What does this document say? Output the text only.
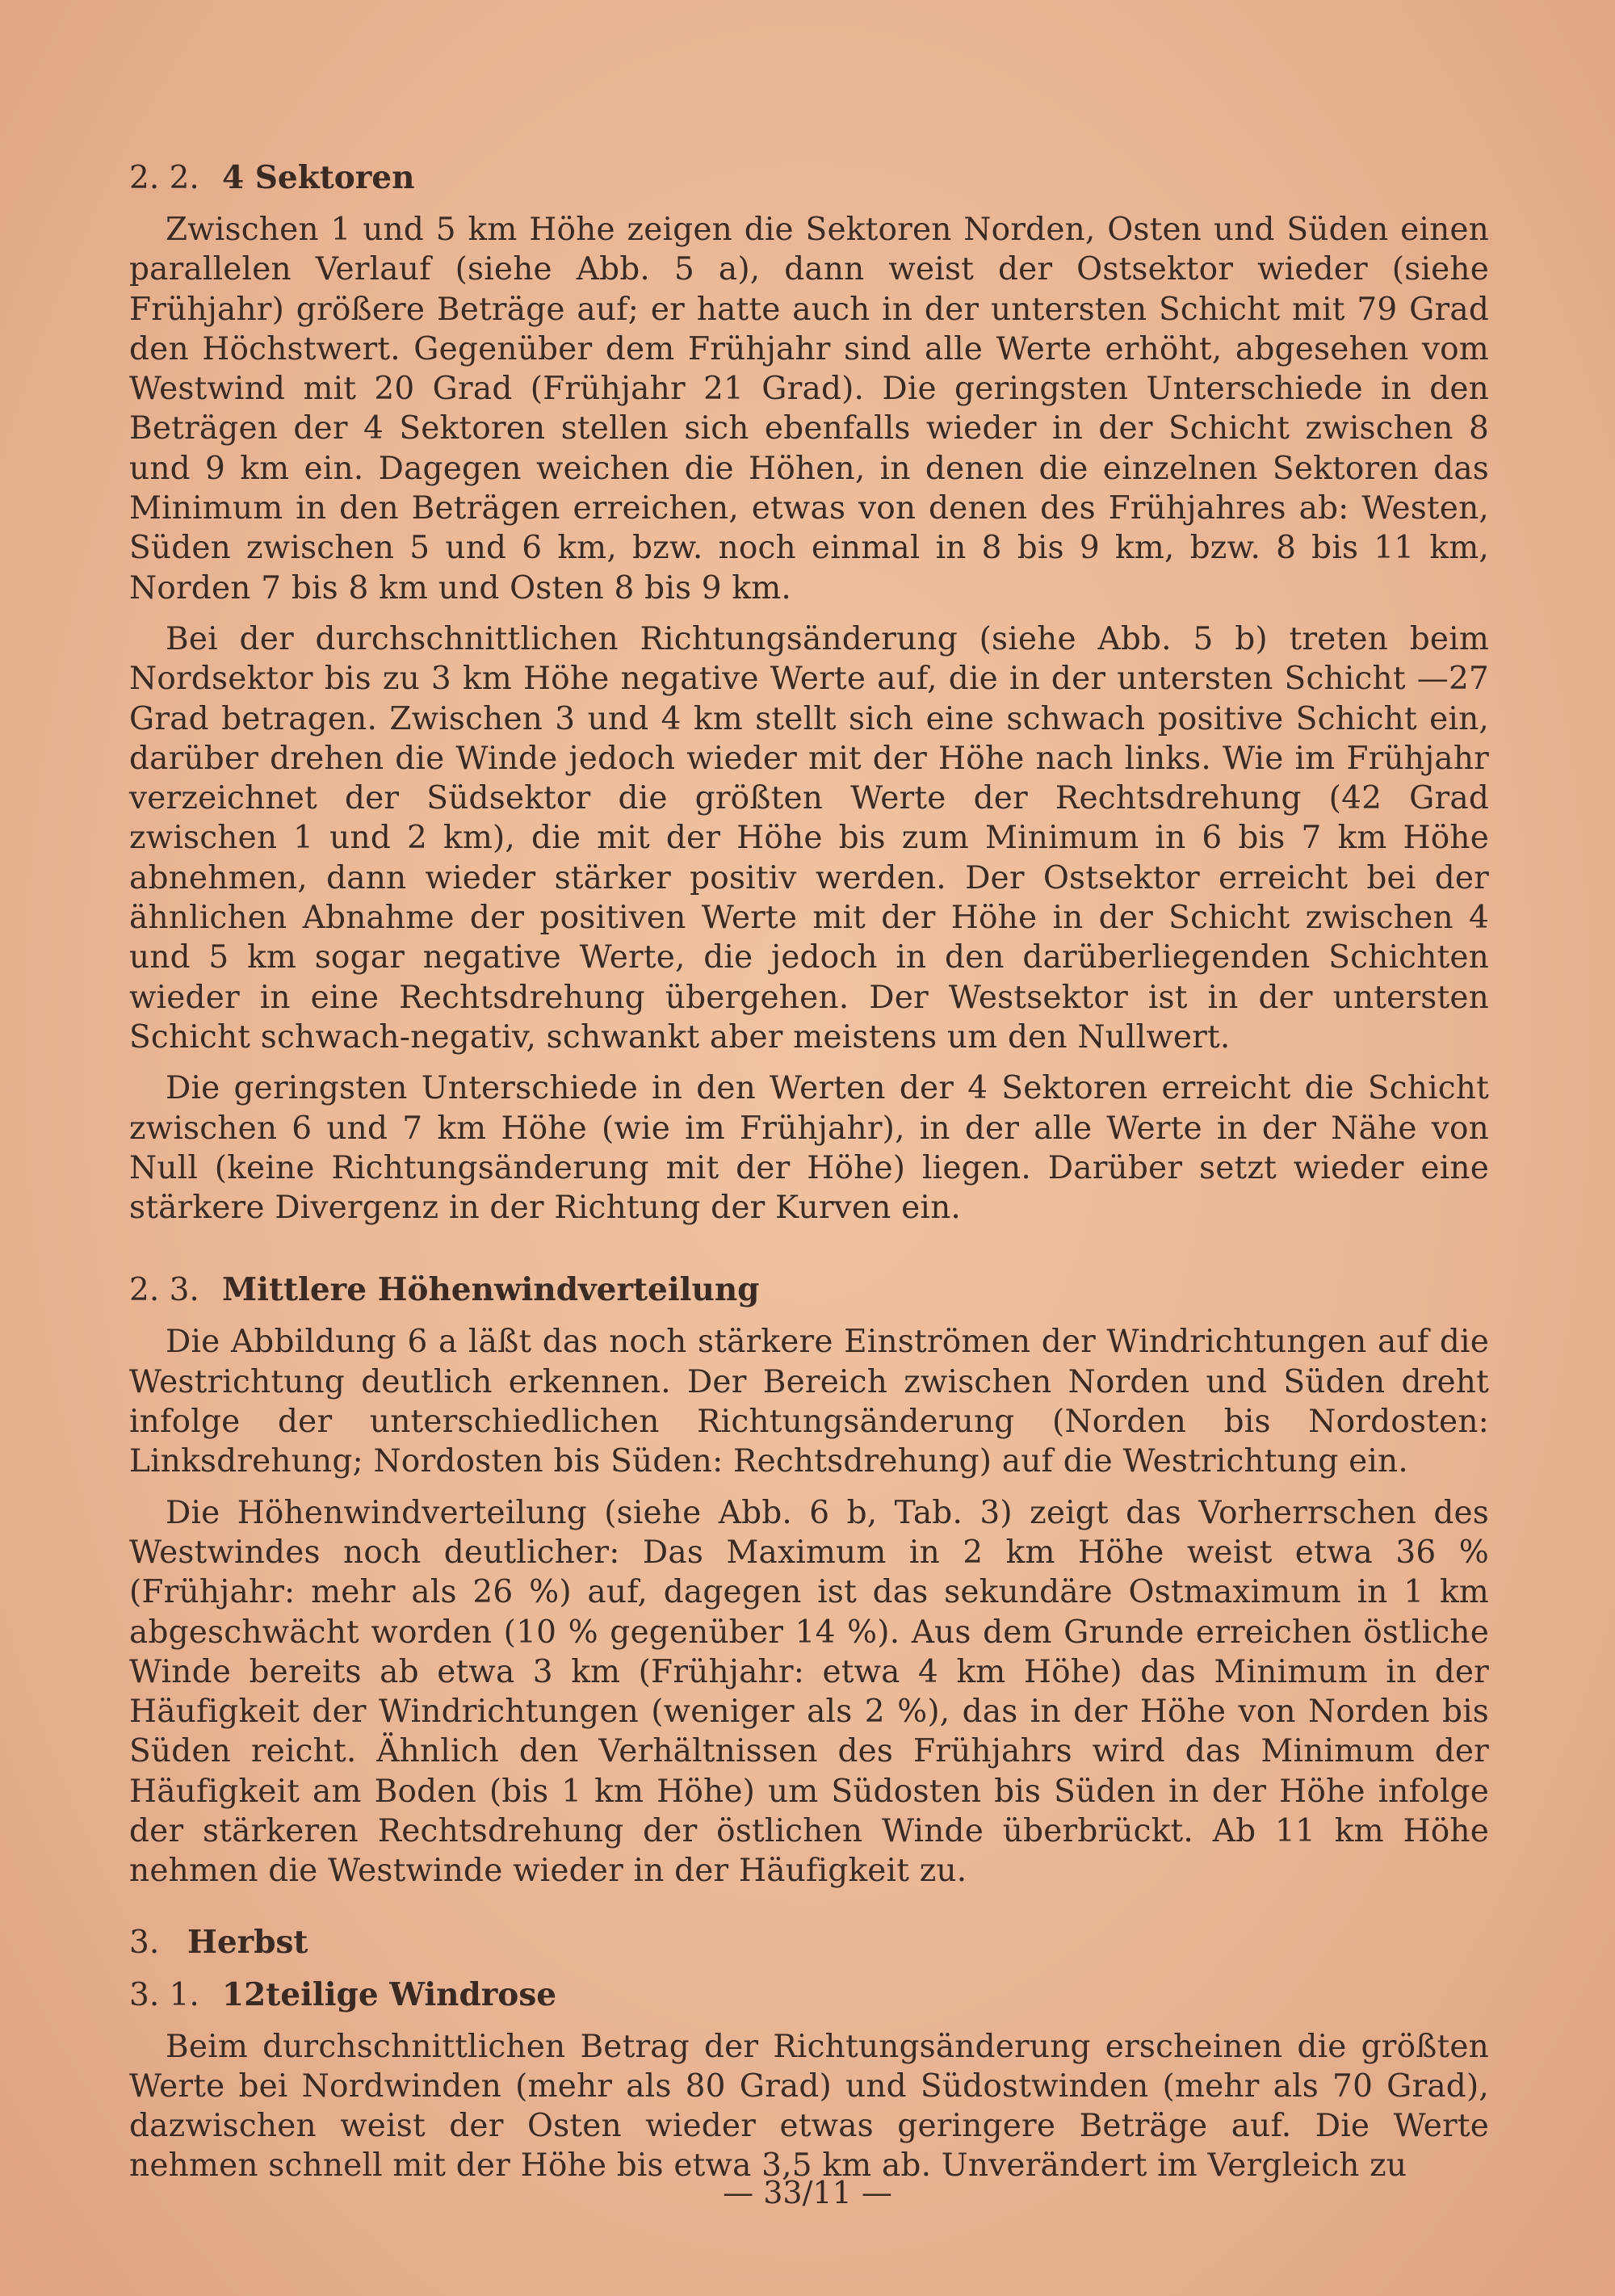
2. 2. 4 Sektoren

Zwischen 1 und 5 km Höhe zeigen die Sektoren Norden, Osten und Süden einen parallelen Verlauf (siehe Abb. 5 a), dann weist der Ostsektor wieder (siehe Frühjahr) größere Beträge auf; er hatte auch in der untersten Schicht mit 79 Grad den Höchstwert. Gegenüber dem Frühjahr sind alle Werte erhöht, abgesehen vom Westwind mit 20 Grad (Frühjahr 21 Grad). Die geringsten Unterschiede in den Beträgen der 4 Sektoren stellen sich ebenfalls wieder in der Schicht zwischen 8 und 9 km ein. Dagegen weichen die Höhen, in denen die einzelnen Sektoren das Minimum in den Beträgen erreichen, etwas von denen des Frühjahres ab: Westen, Süden zwischen 5 und 6 km, bzw. noch einmal in 8 bis 9 km, bzw. 8 bis 11 km, Norden 7 bis 8 km und Osten 8 bis 9 km.

Bei der durchschnittlichen Richtungsänderung (siehe Abb. 5 b) treten beim Nordsektor bis zu 3 km Höhe negative Werte auf, die in der untersten Schicht —27 Grad betragen. Zwischen 3 und 4 km stellt sich eine schwach positive Schicht ein, darüber drehen die Winde jedoch wieder mit der Höhe nach links. Wie im Frühjahr verzeichnet der Südsektor die größten Werte der Rechtsdrehung (42 Grad zwischen 1 und 2 km), die mit der Höhe bis zum Minimum in 6 bis 7 km Höhe abnehmen, dann wieder stärker positiv werden. Der Ostsektor erreicht bei der ähnlichen Abnahme der positiven Werte mit der Höhe in der Schicht zwischen 4 und 5 km sogar negative Werte, die jedoch in den darüberliegenden Schichten wieder in eine Rechtsdrehung übergehen. Der Westsektor ist in der untersten Schicht schwach-negativ, schwankt aber meistens um den Nullwert.

Die geringsten Unterschiede in den Werten der 4 Sektoren erreicht die Schicht zwischen 6 und 7 km Höhe (wie im Frühjahr), in der alle Werte in der Nähe von Null (keine Richtungsänderung mit der Höhe) liegen. Darüber setzt wieder eine stärkere Divergenz in der Richtung der Kurven ein.

2. 3. Mittlere Höhenwindverteilung

Die Abbildung 6 a läßt das noch stärkere Einströmen der Windrichtungen auf die Westrichtung deutlich erkennen. Der Bereich zwischen Norden und Süden dreht infolge der unterschiedlichen Richtungsänderung (Norden bis Nordosten: Linksdrehung; Nordosten bis Süden: Rechtsdrehung) auf die Westrichtung ein.

Die Höhenwindverteilung (siehe Abb. 6 b, Tab. 3) zeigt das Vorherrschen des Westwindes noch deutlicher: Das Maximum in 2 km Höhe weist etwa 36 % (Frühjahr: mehr als 26 %) auf, dagegen ist das sekundäre Ostmaximum in 1 km abgeschwächt worden (10 % gegenüber 14 %). Aus dem Grunde erreichen östliche Winde bereits ab etwa 3 km (Frühjahr: etwa 4 km Höhe) das Minimum in der Häufigkeit der Windrichtungen (weniger als 2 %), das in der Höhe von Norden bis Süden reicht. Ähnlich den Verhältnissen des Frühjahrs wird das Minimum der Häufigkeit am Boden (bis 1 km Höhe) um Südosten bis Süden in der Höhe infolge der stärkeren Rechtsdrehung der östlichen Winde überbrückt. Ab 11 km Höhe nehmen die Westwinde wieder in der Häufigkeit zu.

3. Herbst
3. 1. 12teilige Windrose

Beim durchschnittlichen Betrag der Richtungsänderung erscheinen die größten Werte bei Nordwinden (mehr als 80 Grad) und Südostwinden (mehr als 70 Grad), dazwischen weist der Osten wieder etwas geringere Beträge auf. Die Werte nehmen schnell mit der Höhe bis etwa 3,5 km ab. Unverändert im Vergleich zu

— 33/11 —
